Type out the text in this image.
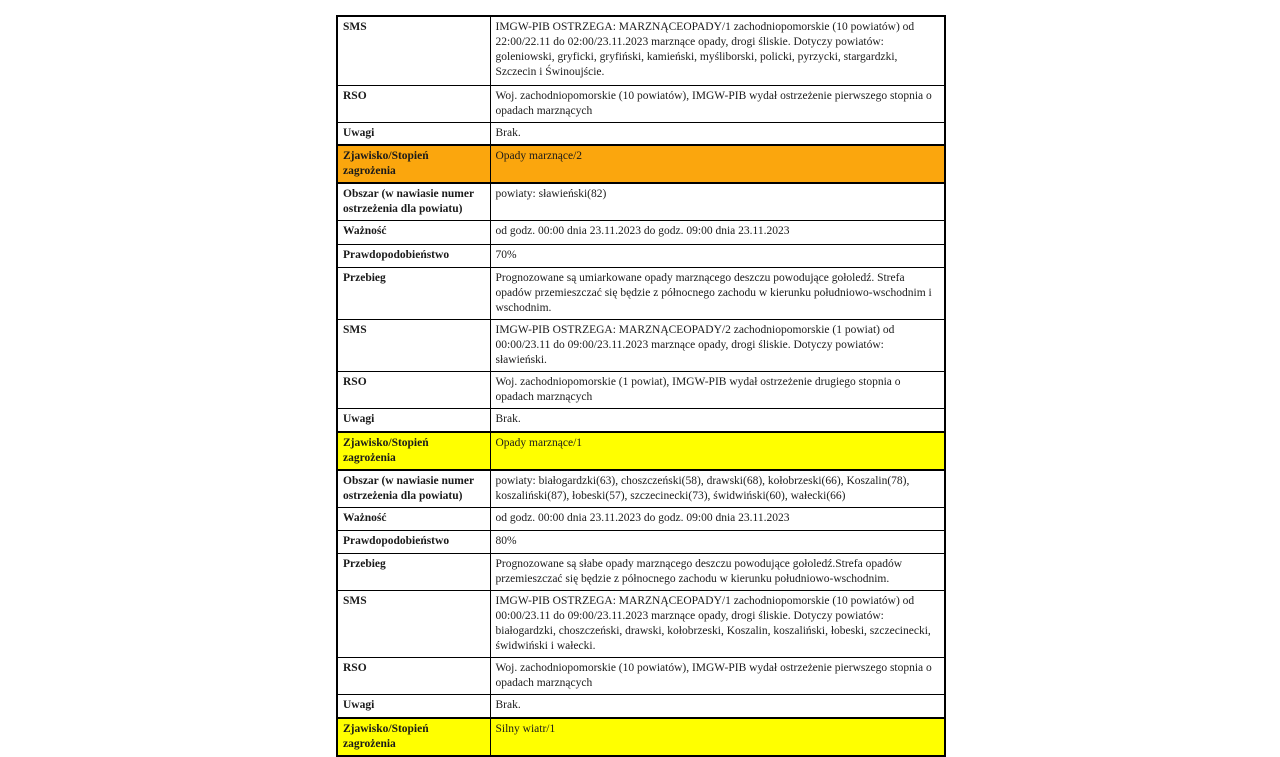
SMS	IMGW-PIB OSTRZEGA: MARZNĄCEOPADY/1 zachodniopomorskie (10 powiatów) od 22:00/22.11 do 02:00/23.11.2023 marznące opady, drogi śliskie. Dotyczy powiatów: goleniowski, gryficki, gryfiński, kamieński, myśliborski, policki, pyrzycki, stargardzki, Szczecin i Świnoujście.
RSO	Woj. zachodniopomorskie (10 powiatów), IMGW-PIB wydał ostrzeżenie pierwszego stopnia o opadach marznących
Uwagi	Brak.
Zjawisko/Stopień zagrożenia	Opady marznące/2
Obszar (w nawiasie numer ostrzeżenia dla powiatu)	powiaty: sławieński(82)
Ważność	od godz. 00:00 dnia 23.11.2023 do godz. 09:00 dnia 23.11.2023
Prawdopodobieństwo	70%
Przebieg	Prognozowane są umiarkowane opady marznącego deszczu powodujące gołoledź. Strefa opadów przemieszczać się będzie z północnego zachodu w kierunku południowo-wschodnim i wschodnim.
SMS	IMGW-PIB OSTRZEGA: MARZNĄCEOPADY/2 zachodniopomorskie (1 powiat) od 00:00/23.11 do 09:00/23.11.2023 marznące opady, drogi śliskie. Dotyczy powiatów: sławieński.
RSO	Woj. zachodniopomorskie (1 powiat), IMGW-PIB wydał ostrzeżenie drugiego stopnia o opadach marznących
Uwagi	Brak.
Zjawisko/Stopień zagrożenia	Opady marznące/1
Obszar (w nawiasie numer ostrzeżenia dla powiatu)	powiaty: białogardzki(63), choszczeński(58), drawski(68), kołobrzeski(66), Koszalin(78), koszaliński(87), łobeski(57), szczecinecki(73), świdwiński(60), wałecki(66)
Ważność	od godz. 00:00 dnia 23.11.2023 do godz. 09:00 dnia 23.11.2023
Prawdopodobieństwo	80%
Przebieg	Prognozowane są słabe opady marznącego deszczu powodujące gołoledź.Strefa opadów przemieszczać się będzie z północnego zachodu w kierunku południowo-wschodnim.
SMS	IMGW-PIB OSTRZEGA: MARZNĄCEOPADY/1 zachodniopomorskie (10 powiatów) od 00:00/23.11 do 09:00/23.11.2023 marznące opady, drogi śliskie. Dotyczy powiatów: białogardzki, choszczeński, drawski, kołobrzeski, Koszalin, koszaliński, łobeski, szczecinecki, świdwiński i wałecki.
RSO	Woj. zachodniopomorskie (10 powiatów), IMGW-PIB wydał ostrzeżenie pierwszego stopnia o opadach marznących
Uwagi	Brak.
Zjawisko/Stopień zagrożenia	Silny wiatr/1
